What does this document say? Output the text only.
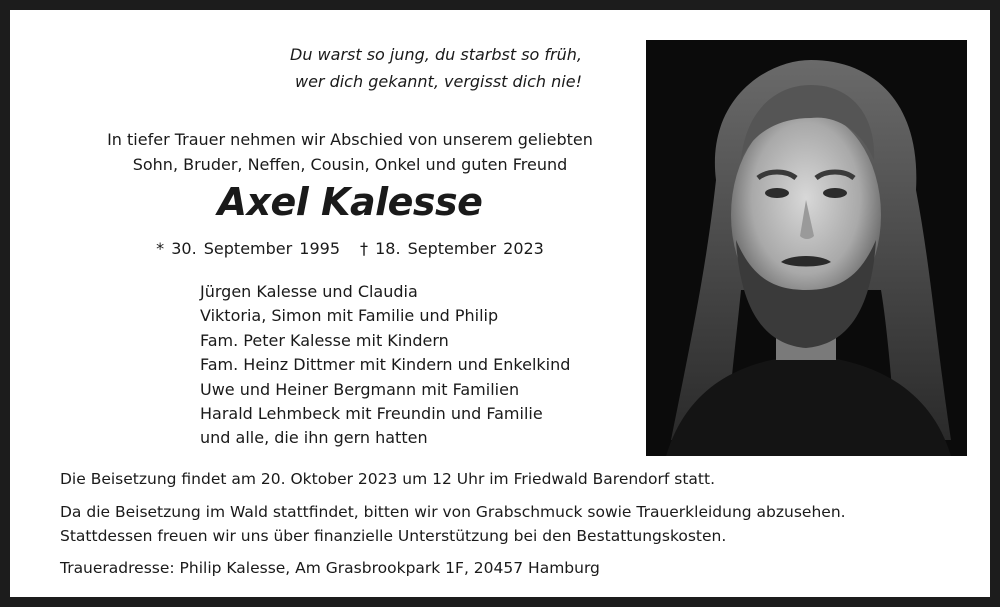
Du warst so jung, du starbst so früh,
wer dich gekannt, vergisst dich nie!
In tiefer Trauer nehmen wir Abschied von unserem geliebten
Sohn, Bruder, Neffen, Cousin, Onkel und guten Freund
Axel Kalesse
* 30. September 1995 † 18. September 2023
Jürgen Kalesse und Claudia
Viktoria, Simon mit Familie und Philip
Fam. Peter Kalesse mit Kindern
Fam. Heinz Dittmer mit Kindern und Enkelkind
Uwe und Heiner Bergmann mit Familien
Harald Lehmbeck mit Freundin und Familie
und alle, die ihn gern hatten
Die Beisetzung findet am 20. Oktober 2023 um 12 Uhr im Friedwald Barendorf statt.
Da die Beisetzung im Wald stattfindet, bitten wir von Grabschmuck sowie Trauerkleidung abzusehen.
Stattdessen freuen wir uns über finanzielle Unterstützung bei den Bestattungskosten.
Traueradresse: Philip Kalesse, Am Grasbrookpark 1F, 20457 Hamburg
